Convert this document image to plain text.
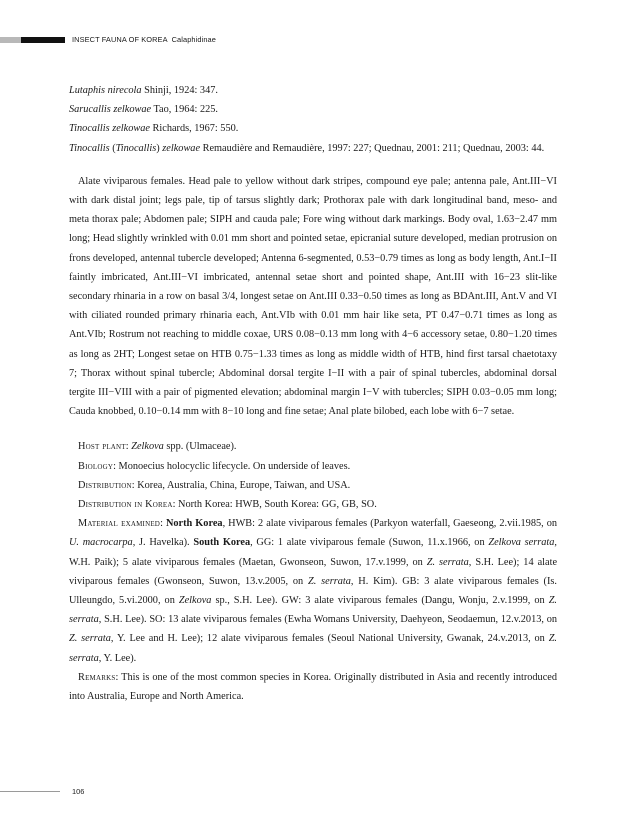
INSECT FAUNA OF KOREA Calaphidinae

Lutaphis nirecola Shinji, 1924: 347.

Sarucallis zelkowae Tao, 1964: 225.

Tinocallis zelkowae Richards, 1967: 550.

Tinocallis (Tinocallis) zelkowae Remaudière and Remaudière, 1997: 227; Quednau, 2001: 211; Quednau, 2003: 44.

Alate viviparous females. Head pale to yellow without dark stripes, compound eye pale; antenna pale, Ant.III−VI with dark distal joint; legs pale, tip of tarsus slightly dark; Prothorax pale with dark longitudinal band, meso- and meta thorax pale; Abdomen pale; SIPH and cauda pale; Fore wing without dark markings. Body oval, 1.63−2.47 mm long; Head slightly wrinkled with 0.01 mm short and pointed setae, epicranial suture developed, median protrusion on frons developed, antennal tubercle developed; Antenna 6-segmented, 0.53−0.79 times as long as body length, Ant.I−II faintly imbricated, Ant.III−VI imbricated, antennal setae short and pointed shape, Ant.III with 16−23 slit-like secondary rhinaria in a row on basal 3/4, longest setae on Ant.III 0.33−0.50 times as long as BDAnt.III, Ant.V and VI with ciliated rounded primary rhinaria each, Ant.VIb with 0.01 mm hair like seta, PT 0.47−0.71 times as long as Ant.VIb; Rostrum not reaching to middle coxae, URS 0.08−0.13 mm long with 4−6 accessory setae, 0.80−1.20 times as long as 2HT; Longest setae on HTB 0.75−1.33 times as long as middle width of HTB, hind first tarsal chaetotaxy 7; Thorax without spinal tubercle; Abdominal dorsal tergite I−II with a pair of spinal tubercles, abdominal dorsal tergite III−VIII with a pair of pigmented elevation; abdominal margin I−V with tubercles; SIPH 0.03−0.05 mm long; Cauda knobbed, 0.10−0.14 mm with 8−10 long and fine setae; Anal plate bilobed, each lobe with 6−7 setae.

Host plant: Zelkova spp. (Ulmaceae).

Biology: Monoecius holocyclic lifecycle. On underside of leaves.

Distribution: Korea, Australia, China, Europe, Taiwan, and USA.

Distribution in Korea: North Korea: HWB, South Korea: GG, GB, SO.

Material examined: North Korea, HWB: 2 alate viviparous females (Parkyon waterfall, Gaeseong, 2.vii.1985, on U. macrocarpa, J. Havelka). South Korea, GG: 1 alate viviparous female (Suwon, 11.x.1966, on Zelkova serrata, W.H. Paik); 5 alate viviparous females (Maetan, Gwonseon, Suwon, 17.v.1999, on Z. serrata, S.H. Lee); 14 alate viviparous females (Gwonseon, Suwon, 13.v.2005, on Z. serrata, H. Kim). GB: 3 alate viviparous females (Is. Ulleungdo, 5.vi.2000, on Zelkova sp., S.H. Lee). GW: 3 alate viviparous females (Dangu, Wonju, 2.v.1999, on Z. serrata, S.H. Lee). SO: 13 alate viviparous females (Ewha Womans University, Daehyeon, Seodaemun, 12.v.2013, on Z. serrata, Y. Lee and H. Lee); 12 alate viviparous females (Seoul National University, Gwanak, 24.v.2013, on Z. serrata, Y. Lee).

Remarks: This is one of the most common species in Korea. Originally distributed in Asia and recently introduced into Australia, Europe and North America.

106
